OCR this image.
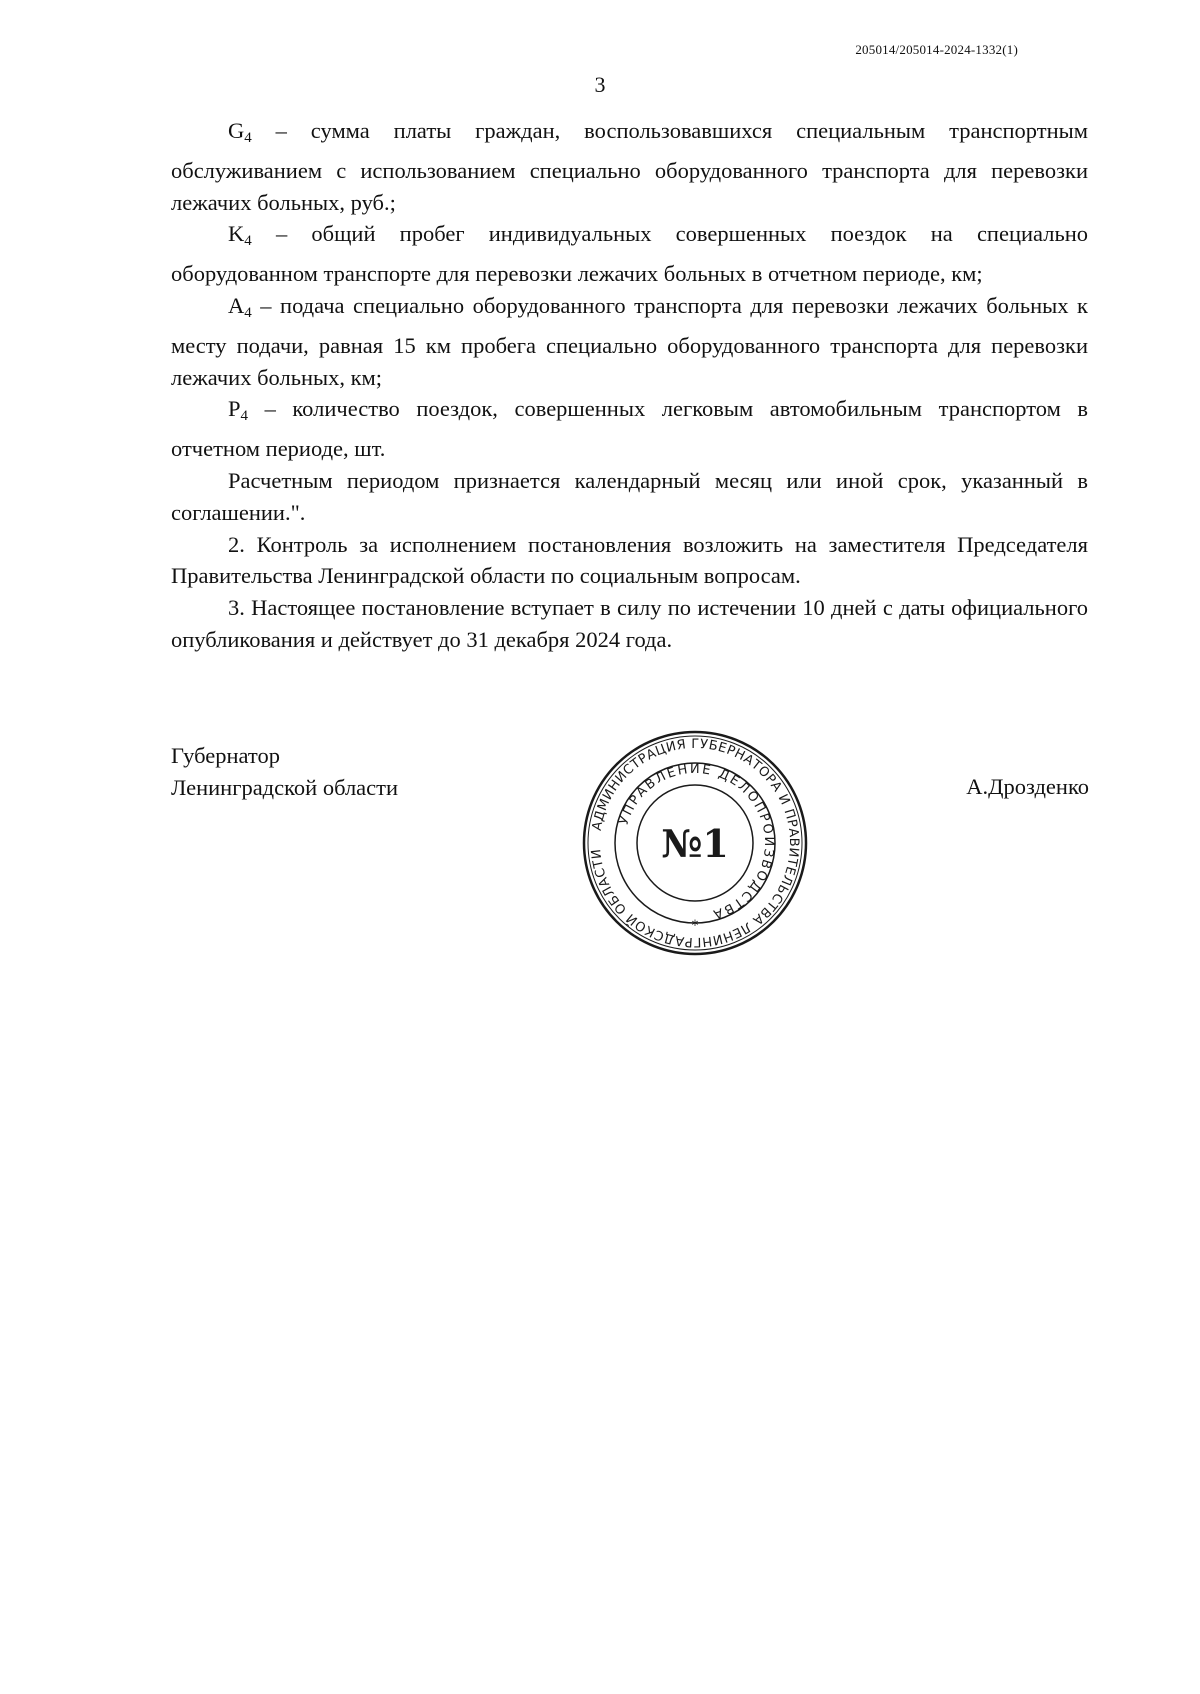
205014/205014-2024-1332(1)
3

$G_4$ – сумма платы граждан, воспользовавшихся специальным транспортным обслуживанием с использованием специально оборудованного транспорта для перевозки лежачих больных, руб.;

$K_4$ – общий пробег индивидуальных совершенных поездок на специально оборудованном транспорте для перевозки лежачих больных в отчетном периоде, км;

$A_4$ – подача специально оборудованного транспорта для перевозки лежачих больных к месту подачи, равная 15 км пробега специально оборудованного транспорта для перевозки лежачих больных, км;

$P_4$ – количество поездок, совершенных легковым автомобильным транспортом в отчетном периоде, шт.

Расчетным периодом признается календарный месяц или иной срок, указанный в соглашении.".

2. Контроль за исполнением постановления возложить на заместителя Председателя Правительства Ленинградской области по социальным вопросам.

3. Настоящее постановление вступает в силу по истечении 10 дней с даты официального опубликования и действует до 31 декабря 2024 года.

Губернатор
Ленинградской области
АДМИНИСТРАЦИЯ ГУБЕРНАТОРА И ПРАВИТЕЛЬСТВА ЛЕНИНГРАДСКОЙ ОБЛАСТИ
УПРАВЛЕНИЕ ДЕЛОПРОИЗВОДСТВА
№1
*
А.Дрозденко
